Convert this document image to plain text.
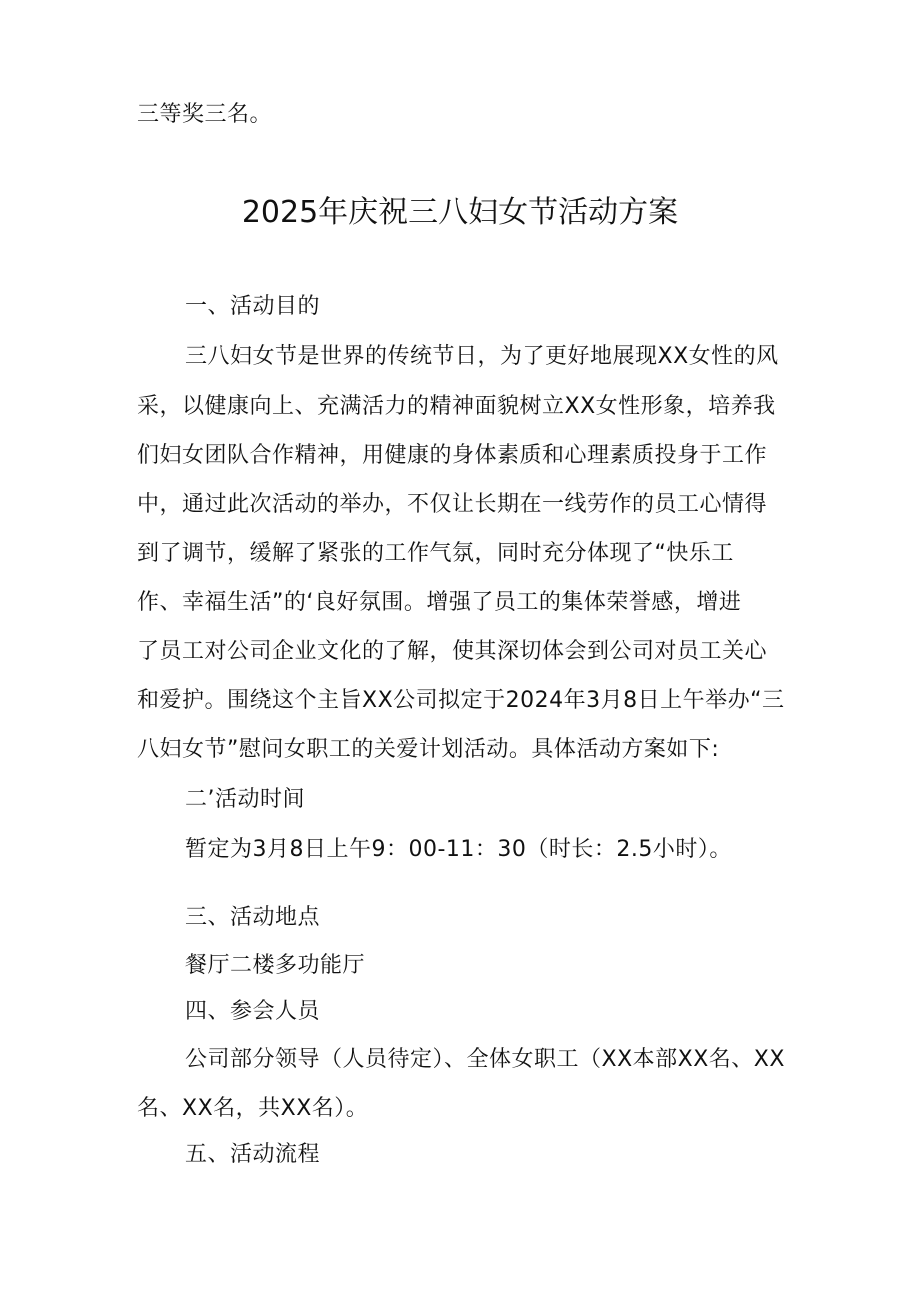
三等奖三名。
2025年庆祝三八妇女节活动方案
一、活动目的
三八妇女节是世界的传统节日，为了更好地展现XX女性的风
采，以健康向上、充满活力的精神面貌树立XX女性形象，培养我
们妇女团队合作精神，用健康的身体素质和心理素质投身于工作
中，通过此次活动的举办，不仅让长期在一线劳作的员工心情得
到了调节，缓解了紧张的工作气氛，同时充分体现了“快乐工
作、幸福生活”的‘良好氛围。增强了员工的集体荣誉感，增进
了员工对公司企业文化的了解，使其深切体会到公司对员工关心
和爱护。围绕这个主旨XX公司拟定于2024年3月8日上午举办“三
八妇女节”慰问女职工的关爱计划活动。具体活动方案如下:
二’活动时间
暂定为3月8日上午9：00-11：30（时长：2.5小时）。
三、活动地点
餐厅二楼多功能厅
四、参会人员
公司部分领导（人员待定）、全体女职工（XX本部XX名、XX
名、XX名，共XX名）。
五、活动流程
